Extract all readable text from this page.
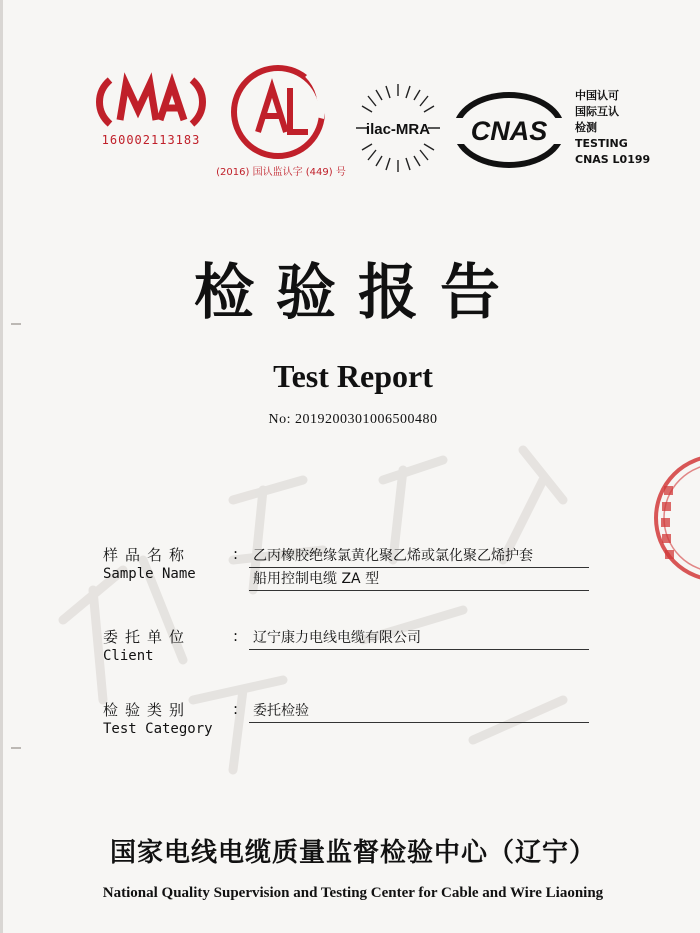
160002113183
(2016) 国认监认字 (449) 号
ilac-MRA CNAS
中国认可
国际互认
检测
TESTING
CNAS L0199
检验报告
Test Report
No: 2019200301006500480
样品名称
Sample Name
: 乙丙橡胶绝缘氯黄化聚乙烯或氯化聚乙烯护套
船用控制电缆 ZA 型
委托单位
Client
: 辽宁康力电线电缆有限公司
检验类别
Test Category
: 委托检验
国家电线电缆质量监督检验中心（辽宁）
National Quality Supervision and Testing Center for Cable and Wire Liaoning
